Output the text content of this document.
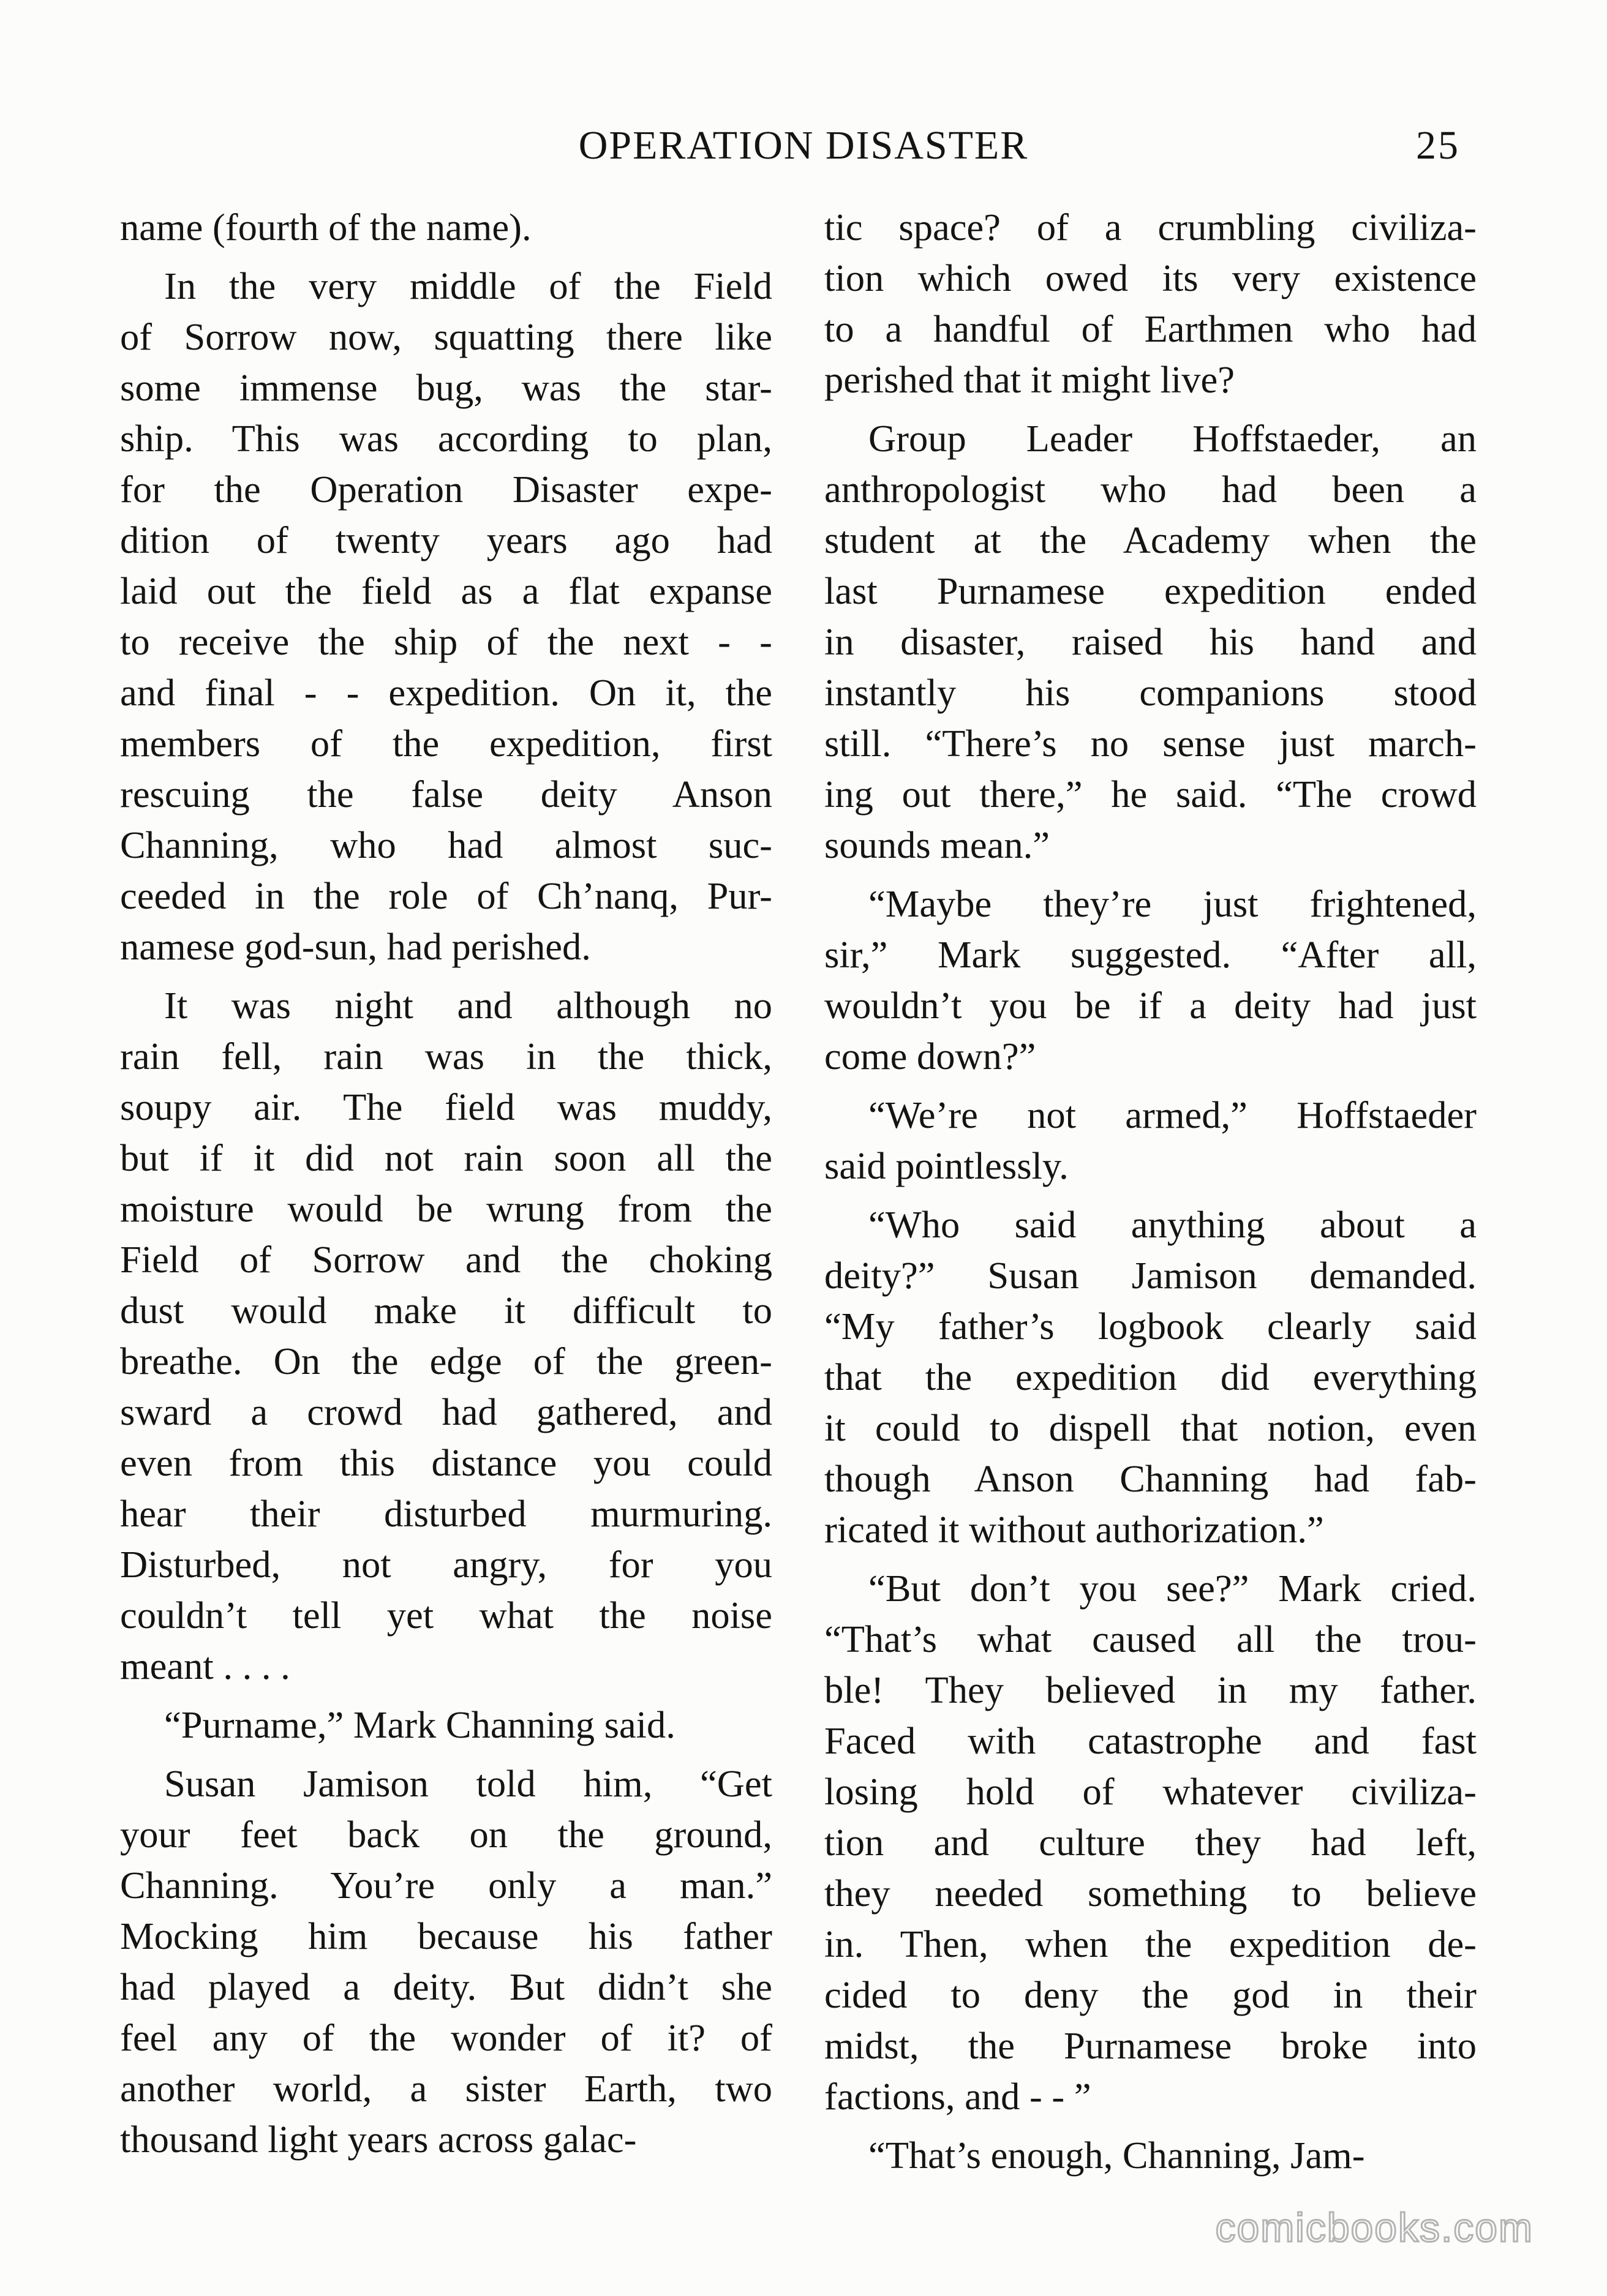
OPERATION DISASTER	25

name (fourth of the name).

In the very middle of the Field
of Sorrow now, squatting there like
some immense bug, was the star-
ship. This was according to plan,
for the Operation Disaster expe-
dition of twenty years ago had
laid out the field as a flat expanse
to receive the ship of the next - -
and final - - expedition. On it, the
members of the expedition, first
rescuing the false deity Anson
Channing, who had almost suc-
ceeded in the role of Ch’nanq, Pur-
namese god-sun, had perished.

It was night and although no
rain fell, rain was in the thick,
soupy air. The field was muddy,
but if it did not rain soon all the
moisture would be wrung from the
Field of Sorrow and the choking
dust would make it difficult to
breathe. On the edge of the green-
sward a crowd had gathered, and
even from this distance you could
hear their disturbed murmuring.
Disturbed, not angry, for you
couldn’t tell yet what the noise
meant . . . .

“Purname,” Mark Channing said.

Susan Jamison told him, “Get
your feet back on the ground,
Channing. You’re only a man.”
Mocking him because his father
had played a deity. But didn’t she
feel any of the wonder of it? of
another world, a sister Earth, two
thousand light years across galac-

tic space? of a crumbling civiliza-
tion which owed its very existence
to a handful of Earthmen who had
perished that it might live?

Group Leader Hoffstaeder, an
anthropologist who had been a
student at the Academy when the
last Purnamese expedition ended
in disaster, raised his hand and
instantly his companions stood
still. “There’s no sense just march-
ing out there,” he said. “The crowd
sounds mean.”

“Maybe they’re just frightened,
sir,” Mark suggested. “After all,
wouldn’t you be if a deity had just
come down?”

“We’re not armed,” Hoffstaeder
said pointlessly.

“Who said anything about a
deity?” Susan Jamison demanded.
“My father’s logbook clearly said
that the expedition did everything
it could to dispell that notion, even
though Anson Channing had fab-
ricated it without authorization.”

“But don’t you see?” Mark cried.
“That’s what caused all the trou-
ble! They believed in my father.
Faced with catastrophe and fast
losing hold of whatever civiliza-
tion and culture they had left,
they needed something to believe
in. Then, when the expedition de-
cided to deny the god in their
midst, the Purnamese broke into
factions, and - - ”

“That’s enough, Channing, Jam-

comicbooks.com
